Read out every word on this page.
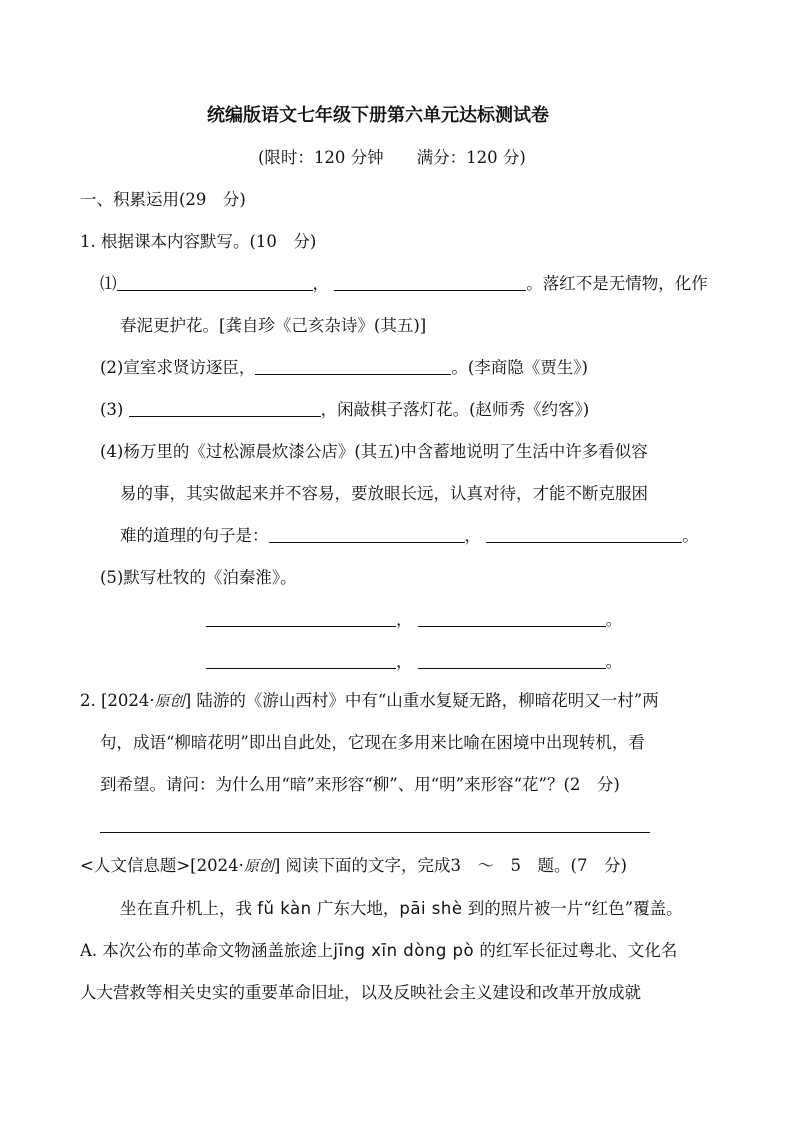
统编版语文七年级下册第六单元达标测试卷
(限时：120 分钟　　满分：120 分)
一、积累运用(29　分)
1. 根据课本内容默写。(10　分)
⑴	，	。落红不是无情物，化作
春泥更护花。[龚自珍《己亥杂诗》(其五)]
(2)宣室求贤访逐臣，	。(李商隐《贾生》)
(3)	，闲敲棋子落灯花。(赵师秀《约客》)
(4)杨万里的《过松源晨炊漆公店》(其五)中含蓄地说明了生活中许多看似容
易的事，其实做起来并不容易，要放眼长远，认真对待，才能不断克服困
难的道理的句子是：	，	。
(5)默写杜牧的《泊秦淮》。
，	。
，	。
2. [2024·原创] 陆游的《游山西村》中有“山重水复疑无路，柳暗花明又一村”两
句，成语“柳暗花明”即出自此处，它现在多用来比喻在困境中出现转机，看
到希望。请问：为什么用“暗”来形容“柳”、用“明”来形容“花”？(2　分)
<人文信息题>[2024·原创] 阅读下面的文字，完成3　～　5　题。(7　分)
坐在直升机上，我 fǔ kàn 广东大地，pāi shè 到的照片被一片“红色”覆盖。
A. 本次公布的革命文物涵盖旅途上jīng xīn dòng pò 的红军长征过粤北、文化名
人大营救等相关史实的重要革命旧址，以及反映社会主义建设和改革开放成就
